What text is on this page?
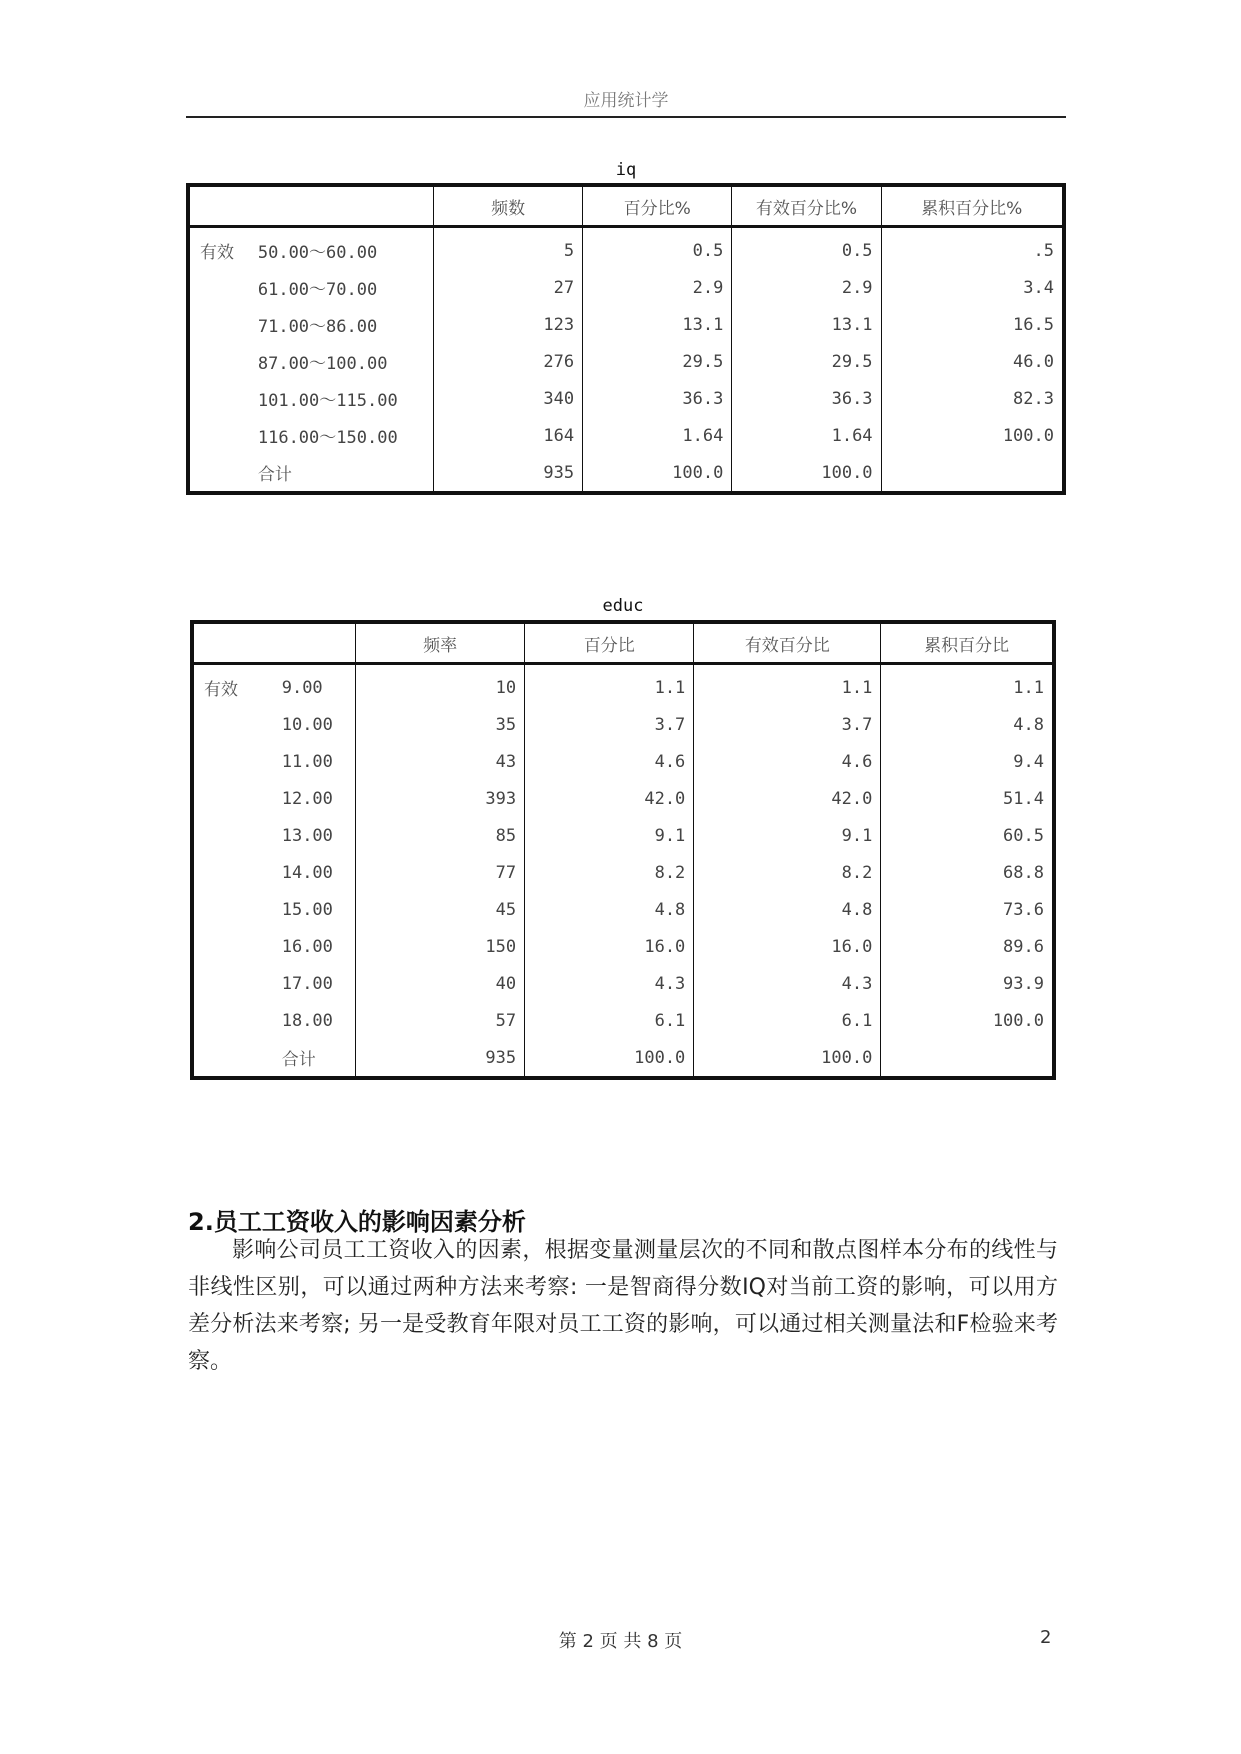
应用统计学
iq
		频数	百分比%	有效百分比%	累积百分比%
有效	50.00～60.00	5	0.5	0.5	.5
	61.00～70.00	27	2.9	2.9	3.4
	71.00～86.00	123	13.1	13.1	16.5
	87.00～100.00	276	29.5	29.5	46.0
	101.00～115.00	340	36.3	36.3	82.3
	116.00～150.00	164	1.64	1.64	100.0
	合计	935	100.0	100.0	
educ
		频率	百分比	有效百分比	累积百分比
有效	9.00	10	1.1	1.1	1.1
	10.00	35	3.7	3.7	4.8
	11.00	43	4.6	4.6	9.4
	12.00	393	42.0	42.0	51.4
	13.00	85	9.1	9.1	60.5
	14.00	77	8.2	8.2	68.8
	15.00	45	4.8	4.8	73.6
	16.00	150	16.0	16.0	89.6
	17.00	40	4.3	4.3	93.9
	18.00	57	6.1	6.1	100.0
	合计	935	100.0	100.0	
2.员工工资收入的影响因素分析
影响公司员工工资收入的因素，根据变量测量层次的不同和散点图样本分布的线性与非线性区别，可以通过两种方法来考察: 一是智商得分数IQ对当前工资的影响，可以用方差分析法来考察; 另一是受教育年限对员工工资的影响，可以通过相关测量法和F检验来考察。
第 2 页 共 8 页	2
